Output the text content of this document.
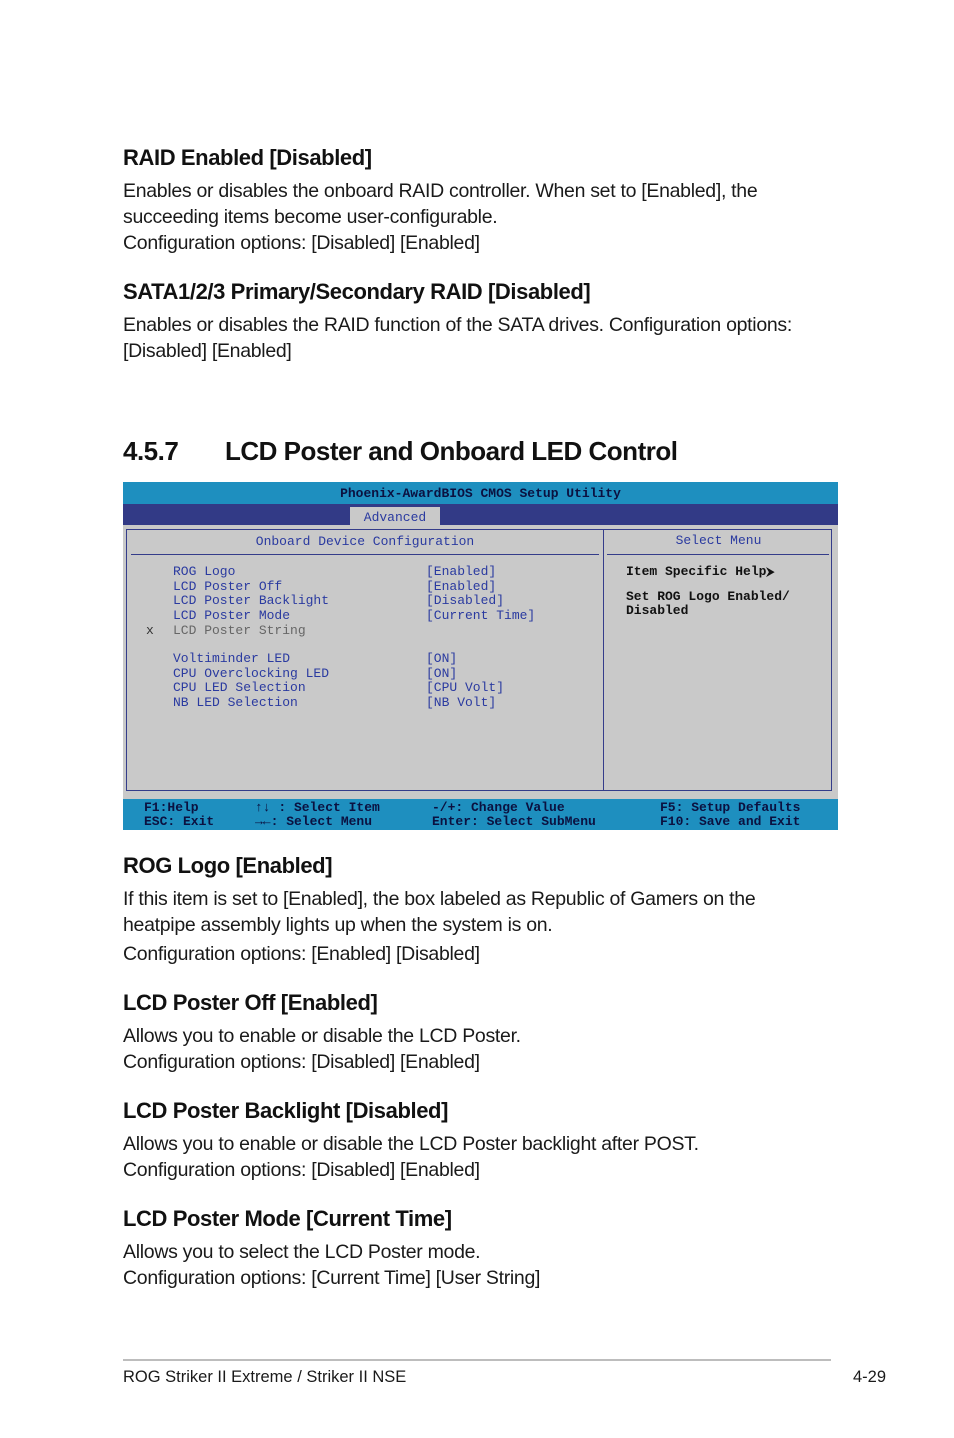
RAID Enabled [Disabled]

Enables or disables the onboard RAID controller. When set to [Enabled], the

succeeding items become user-configurable.

Configuration options: [Disabled] [Enabled]

SATA1/2/3 Primary/Secondary RAID [Disabled]

Enables or disables the RAID function of the SATA drives. Configuration options:

[Disabled] [Enabled]

4.5.7 LCD Poster and Onboard LED Control
Phoenix-AwardBIOS CMOS Setup Utility
Advanced
Onboard Device Configuration	Select Menu
ROG Logo	[Enabled]
LCD Poster Off	[Enabled]
LCD Poster Backlight	[Disabled]
LCD Poster Mode	[Current Time]
x LCD Poster String
Voltiminder LED	[ON]
CPU Overclocking LED	[ON]
CPU LED Selection	[CPU Volt]
NB LED Selection	[NB Volt]
Item Specific Help⮞
Set ROG Logo Enabled/
Disabled
F1:Help
ESC: Exit
↑↓ : Select Item
→←: Select Menu
-/+: Change Value
Enter: Select SubMenu
F5: Setup Defaults
F10: Save and Exit
ROG Logo [Enabled]

If this item is set to [Enabled], the box labeled as Republic of Gamers on the

heatpipe assembly lights up when the system is on.

Configuration options: [Enabled] [Disabled]

LCD Poster Off [Enabled]

Allows you to enable or disable the LCD Poster.

Configuration options: [Disabled] [Enabled]

LCD Poster Backlight [Disabled]

Allows you to enable or disable the LCD Poster backlight after POST.

Configuration options: [Disabled] [Enabled]

LCD Poster Mode [Current Time]

Allows you to select the LCD Poster mode.

Configuration options: [Current Time] [User String]

ROG Striker II Extreme / Striker II NSE	4-29
